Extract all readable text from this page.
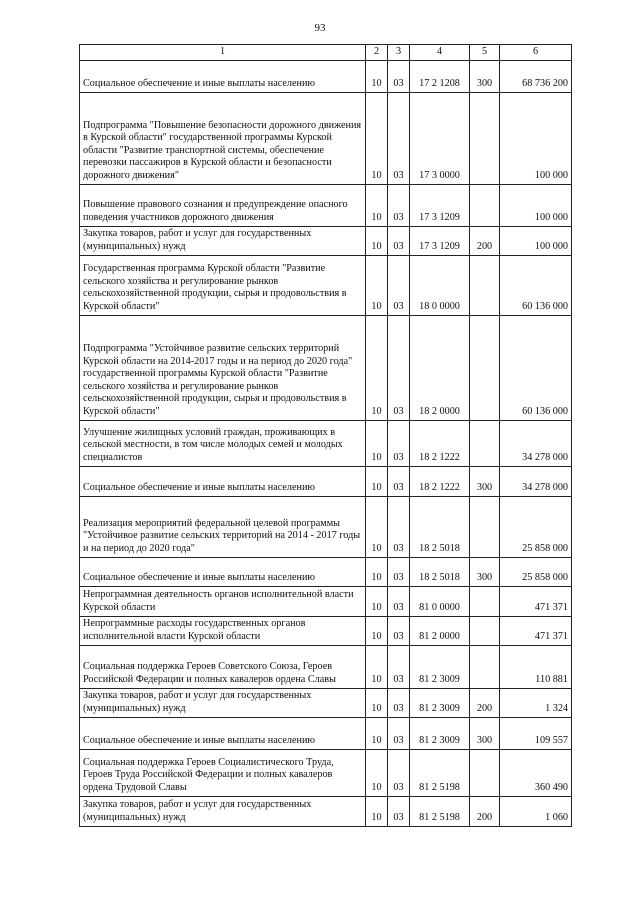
93
1	2	3	4	5	6
Социальное обеспечение и иные выплаты населению	10	03	17 2 1208	300	68 736 200
Подпрограмма "Повышение безопасности дорожного движения в Курской области" государственной программы Курской области "Развитие транспортной системы, обеспечение перевозки пассажиров в Курской области и безопасности дорожного движения"	10	03	17 3 0000		100 000
Повышение правового сознания и предупреждение опасного поведения участников дорожного движения	10	03	17 3 1209		100 000
Закупка товаров, работ и услуг для государственных (муниципальных) нужд	10	03	17 3 1209	200	100 000
Государственная программа Курской области "Развитие сельского хозяйства и регулирование рынков сельскохозяйственной продукции, сырья и продовольствия в Курской области"	10	03	18 0 0000		60 136 000
Подпрограмма "Устойчивое развитие сельских территорий Курской области на 2014-2017 годы и на период до 2020 года" государственной программы Курской области "Развитие сельского хозяйства и регулирование рынков сельскохозяйственной продукции, сырья и продовольствия в Курской области"	10	03	18 2 0000		60 136 000
Улучшение жилищных условий граждан, проживающих в сельской местности, в том числе молодых семей и молодых специалистов	10	03	18 2 1222		34 278 000
Социальное обеспечение и иные выплаты населению	10	03	18 2 1222	300	34 278 000
Реализация мероприятий федеральной целевой программы "Устойчивое развитие сельских территорий на 2014 - 2017 годы и на период до 2020 года"	10	03	18 2 5018		25 858 000
Социальное обеспечение и иные выплаты населению	10	03	18 2 5018	300	25 858 000
Непрограммная деятельность органов исполнительной власти Курской области	10	03	81 0 0000		471 371
Непрограммные расходы государственных органов исполнительной власти Курской области	10	03	81 2 0000		471 371
Социальная поддержка Героев Советского Союза, Героев Российской Федерации и полных кавалеров ордена Славы	10	03	81 2 3009		110 881
Закупка товаров, работ и услуг для государственных (муниципальных) нужд	10	03	81 2 3009	200	1 324
Социальное обеспечение и иные выплаты населению	10	03	81 2 3009	300	109 557
Социальная поддержка Героев Социалистического Труда, Героев Труда Российской Федерации и полных кавалеров ордена Трудовой Славы	10	03	81 2 5198		360 490
Закупка товаров, работ и услуг для государственных (муниципальных) нужд	10	03	81 2 5198	200	1 060
